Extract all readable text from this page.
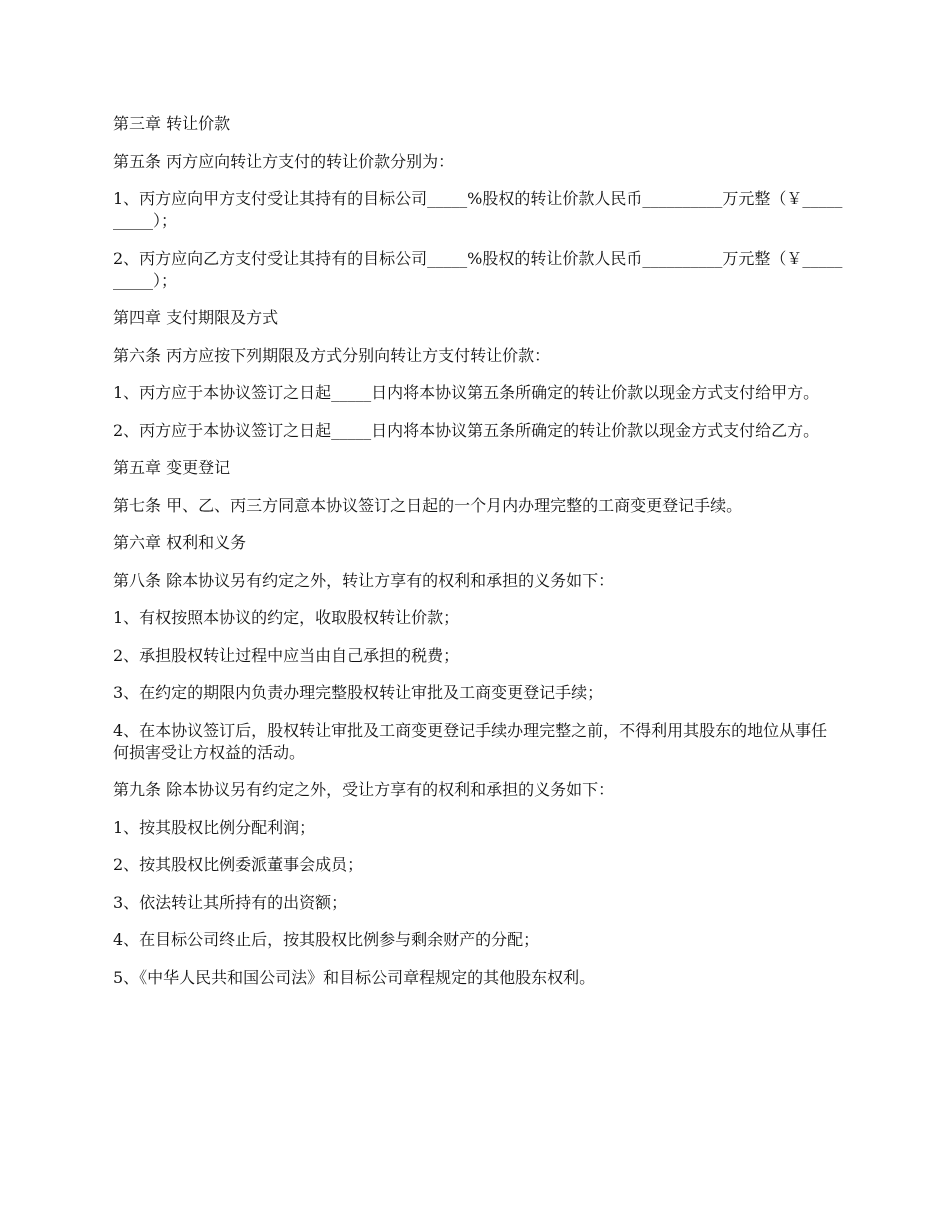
第三章 转让价款

第五条 丙方应向转让方支付的转让价款分别为：

1、丙方应向甲方支付受让其持有的目标公司_____%股权的转让价款人民币__________万元整（￥__________）；

2、丙方应向乙方支付受让其持有的目标公司_____%股权的转让价款人民币__________万元整（￥__________）；

第四章 支付期限及方式

第六条 丙方应按下列期限及方式分别向转让方支付转让价款：

1、丙方应于本协议签订之日起_____日内将本协议第五条所确定的转让价款以现金方式支付给甲方。

2、丙方应于本协议签订之日起_____日内将本协议第五条所确定的转让价款以现金方式支付给乙方。

第五章 变更登记

第七条 甲、乙、丙三方同意本协议签订之日起的一个月内办理完整的工商变更登记手续。

第六章 权利和义务

第八条 除本协议另有约定之外，转让方享有的权利和承担的义务如下：

1、有权按照本协议的约定，收取股权转让价款；

2、承担股权转让过程中应当由自己承担的税费；

3、在约定的期限内负责办理完整股权转让审批及工商变更登记手续；

4、在本协议签订后，股权转让审批及工商变更登记手续办理完整之前，不得利用其股东的地位从事任何损害受让方权益的活动。

第九条 除本协议另有约定之外，受让方享有的权利和承担的义务如下：

1、按其股权比例分配利润；

2、按其股权比例委派董事会成员；

3、依法转让其所持有的出资额；

4、在目标公司终止后，按其股权比例参与剩余财产的分配；

5、《中华人民共和国公司法》和目标公司章程规定的其他股东权利。
